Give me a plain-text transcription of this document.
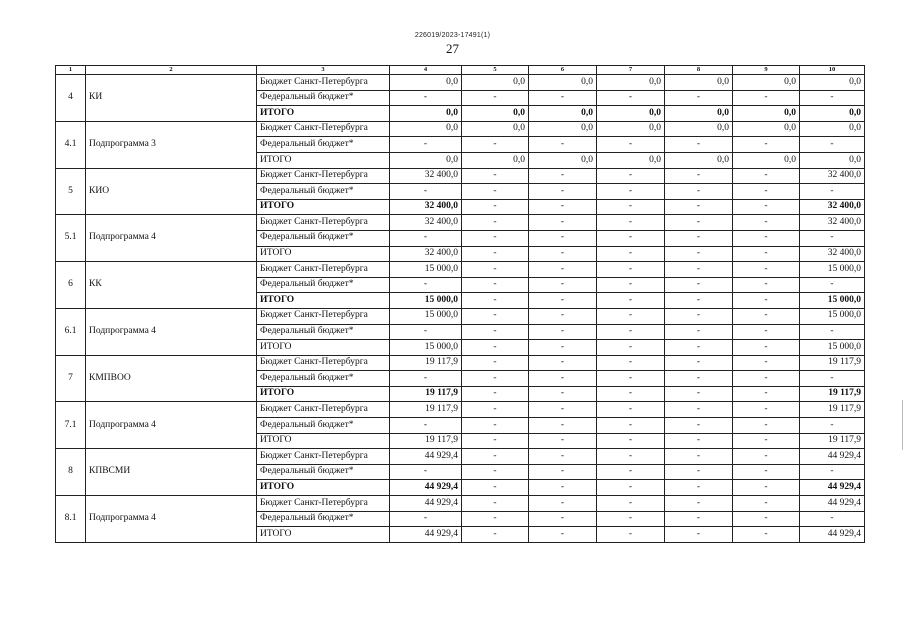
226019/2023-17491(1)
27
1	2	3	4	5	6	7	8	9	10
4	КИ	Бюджет Санкт-Петербурга	0,0	0,0	0,0	0,0	0,0	0,0	0,0
		Федеральный бюджет*	-	-	-	-	-	-	-
		ИТОГО	0,0	0,0	0,0	0,0	0,0	0,0	0,0
4.1	Подпрограмма 3	Бюджет Санкт-Петербурга	0,0	0,0	0,0	0,0	0,0	0,0	0,0
		Федеральный бюджет*	-	-	-	-	-	-	-
		ИТОГО	0,0	0,0	0,0	0,0	0,0	0,0	0,0
5	КИО	Бюджет Санкт-Петербурга	32 400,0	-	-	-	-	-	32 400,0
		Федеральный бюджет*	-	-	-	-	-	-	-
		ИТОГО	32 400,0	-	-	-	-	-	32 400,0
5.1	Подпрограмма 4	Бюджет Санкт-Петербурга	32 400,0	-	-	-	-	-	32 400,0
		Федеральный бюджет*	-	-	-	-	-	-	-
		ИТОГО	32 400,0	-	-	-	-	-	32 400,0
6	КК	Бюджет Санкт-Петербурга	15 000,0	-	-	-	-	-	15 000,0
		Федеральный бюджет*	-	-	-	-	-	-	-
		ИТОГО	15 000,0	-	-	-	-	-	15 000,0
6.1	Подпрограмма 4	Бюджет Санкт-Петербурга	15 000,0	-	-	-	-	-	15 000,0
		Федеральный бюджет*	-	-	-	-	-	-	-
		ИТОГО	15 000,0	-	-	-	-	-	15 000,0
7	КМПВОО	Бюджет Санкт-Петербурга	19 117,9	-	-	-	-	-	19 117,9
		Федеральный бюджет*	-	-	-	-	-	-	-
		ИТОГО	19 117,9	-	-	-	-	-	19 117,9
7.1	Подпрограмма 4	Бюджет Санкт-Петербурга	19 117,9	-	-	-	-	-	19 117,9
		Федеральный бюджет*	-	-	-	-	-	-	-
		ИТОГО	19 117,9	-	-	-	-	-	19 117,9
8	КПВСМИ	Бюджет Санкт-Петербурга	44 929,4	-	-	-	-	-	44 929,4
		Федеральный бюджет*	-	-	-	-	-	-	-
		ИТОГО	44 929,4	-	-	-	-	-	44 929,4
8.1	Подпрограмма 4	Бюджет Санкт-Петербурга	44 929,4	-	-	-	-	-	44 929,4
		Федеральный бюджет*	-	-	-	-	-	-	-
		ИТОГО	44 929,4	-	-	-	-	-	44 929,4
